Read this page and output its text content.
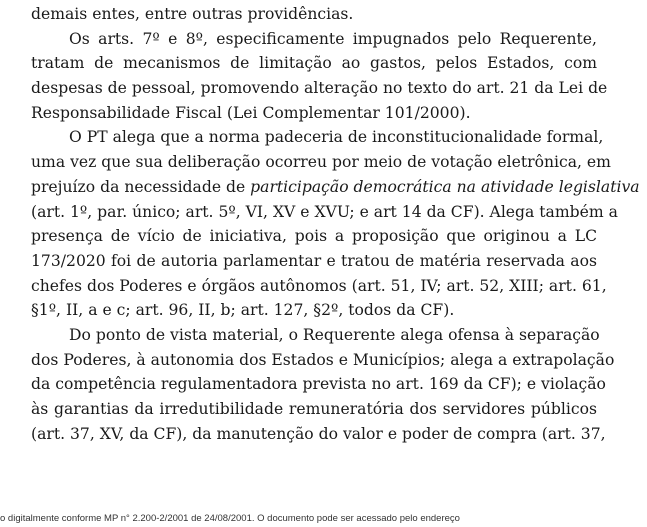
demais entes, entre outras providências.
Os arts. 7º e 8º, especificamente impugnados pelo Requerente,
tratam de mecanismos de limitação ao gastos, pelos Estados, com
despesas de pessoal, promovendo alteração no texto do art. 21 da Lei de
Responsabilidade Fiscal (Lei Complementar 101/2000).
O PT alega que a norma padeceria de inconstitucionalidade formal,
uma vez que sua deliberação ocorreu por meio de votação eletrônica, em
prejuízo da necessidade de participação democrática na atividade legislativa
(art. 1º, par. único; art. 5º, VI, XV e XVU; e art 14 da CF). Alega também a
presença de vício de iniciativa, pois a proposição que originou a LC
173/2020 foi de autoria parlamentar e tratou de matéria reservada aos
chefes dos Poderes e órgãos autônomos (art. 51, IV; art. 52, XIII; art. 61,
§1º, II, a e c; art. 96, II, b; art. 127, §2º, todos da CF).
Do ponto de vista material, o Requerente alega ofensa à separação
dos Poderes, à autonomia dos Estados e Municípios; alega a extrapolação
da competência regulamentadora prevista no art. 169 da CF); e violação
às garantias da irredutibilidade remuneratória dos servidores públicos
(art. 37, XV, da CF), da manutenção do valor e poder de compra (art. 37,
o digitalmente conforme MP n° 2.200-2/2001 de 24/08/2001. O documento pode ser acessado pelo endereço
